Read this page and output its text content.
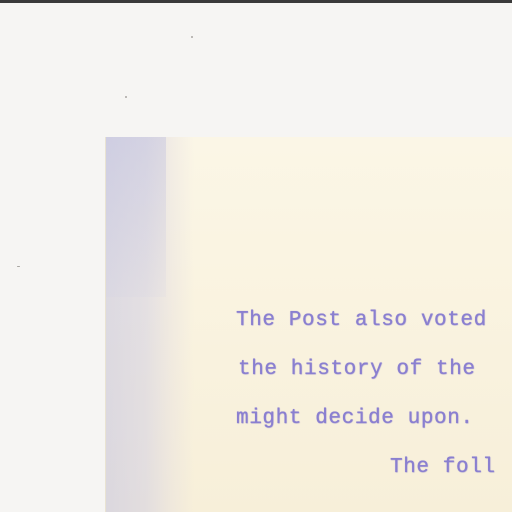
The Post also voted
the history of the
might decide upon.
The foll
